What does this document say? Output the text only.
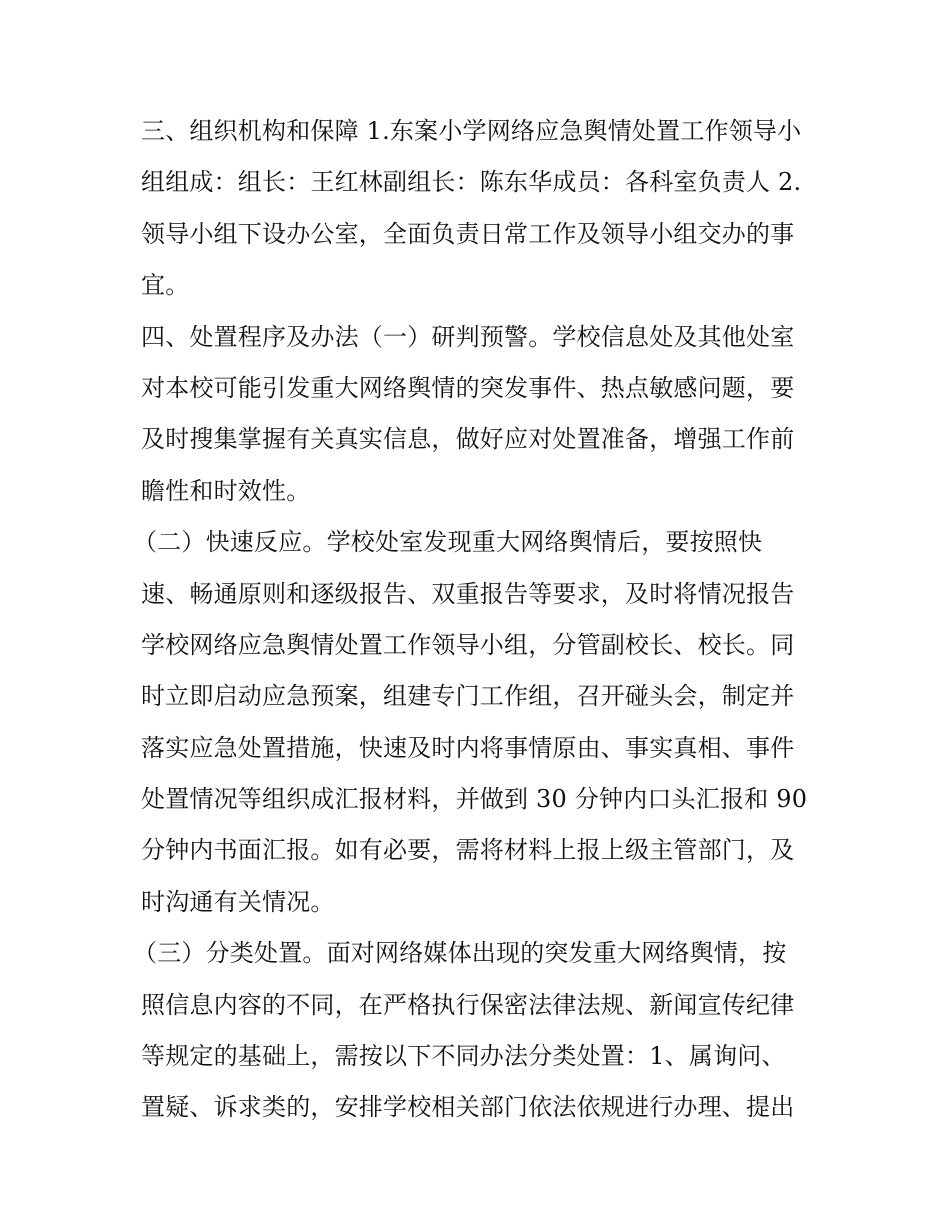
三、组织机构和保障 1.东案小学网络应急舆情处置工作领导小
组组成：组长：王红林副组长：陈东华成员：各科室负责人 2.
领导小组下设办公室，全面负责日常工作及领导小组交办的事
宜。
四、处置程序及办法（一）研判预警。学校信息处及其他处室
对本校可能引发重大网络舆情的突发事件、热点敏感问题，要
及时搜集掌握有关真实信息，做好应对处置准备，增强工作前
瞻性和时效性。
（二）快速反应。学校处室发现重大网络舆情后，要按照快
速、畅通原则和逐级报告、双重报告等要求，及时将情况报告
学校网络应急舆情处置工作领导小组，分管副校长、校长。同
时立即启动应急预案，组建专门工作组，召开碰头会，制定并
落实应急处置措施，快速及时内将事情原由、事实真相、事件
处置情况等组织成汇报材料，并做到 30 分钟内口头汇报和 90
分钟内书面汇报。如有必要，需将材料上报上级主管部门，及
时沟通有关情况。
（三）分类处置。面对网络媒体出现的突发重大网络舆情，按
照信息内容的不同，在严格执行保密法律法规、新闻宣传纪律
等规定的基础上，需按以下不同办法分类处置：1、属询问、
置疑、诉求类的，安排学校相关部门依法依规进行办理、提出
